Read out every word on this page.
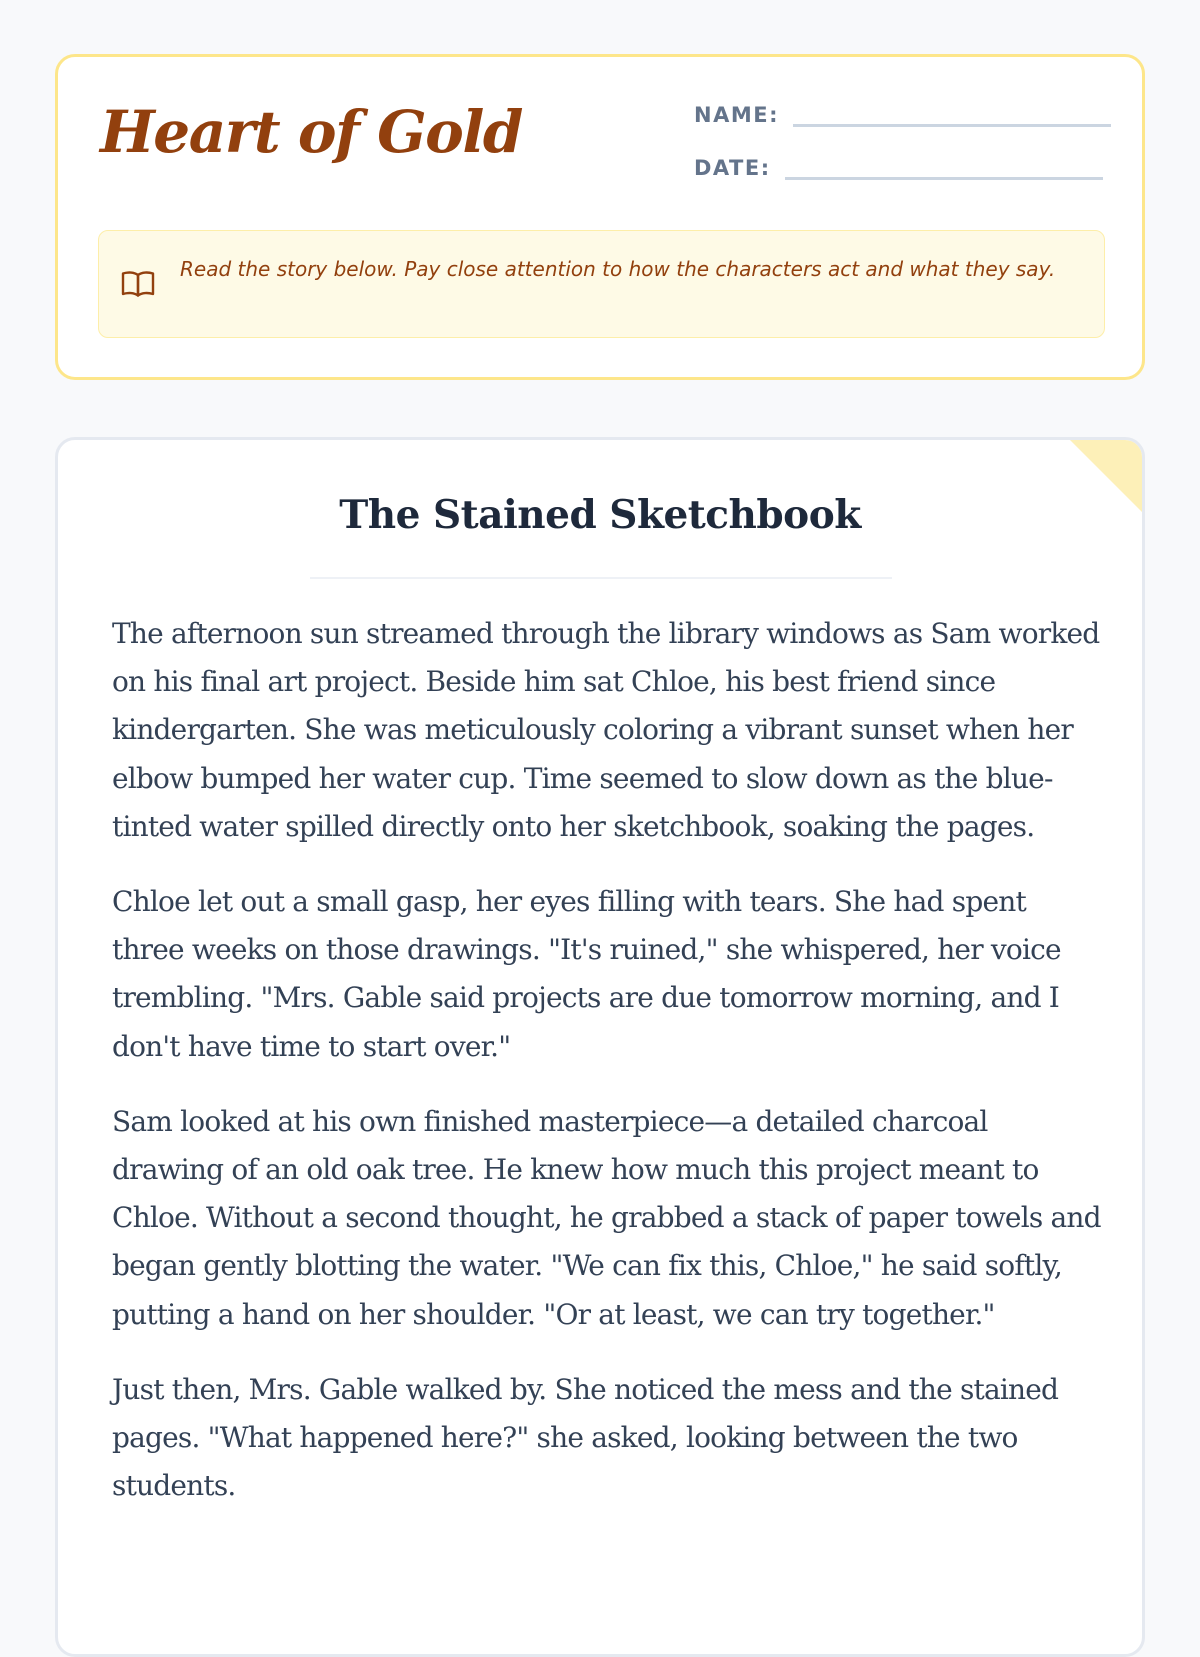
Heart of Gold	NAME:
DATE:

Read the story below. Pay close attention to how the characters act and what they say.

The Stained Sketchbook

The afternoon sun streamed through the library windows as Sam worked on his final art project. Beside him sat Chloe, his best friend since kindergarten. She was meticulously coloring a vibrant sunset when her elbow bumped her water cup. Time seemed to slow down as the blue-tinted water spilled directly onto her sketchbook, soaking the pages.

Chloe let out a small gasp, her eyes filling with tears. She had spent three weeks on those drawings. "It's ruined," she whispered, her voice trembling. "Mrs. Gable said projects are due tomorrow morning, and I don't have time to start over."

Sam looked at his own finished masterpiece—a detailed charcoal drawing of an old oak tree. He knew how much this project meant to Chloe. Without a second thought, he grabbed a stack of paper towels and began gently blotting the water. "We can fix this, Chloe," he said softly, putting a hand on her shoulder. "Or at least, we can try together."

Just then, Mrs. Gable walked by. She noticed the mess and the stained pages. "What happened here?" she asked, looking between the two students.
